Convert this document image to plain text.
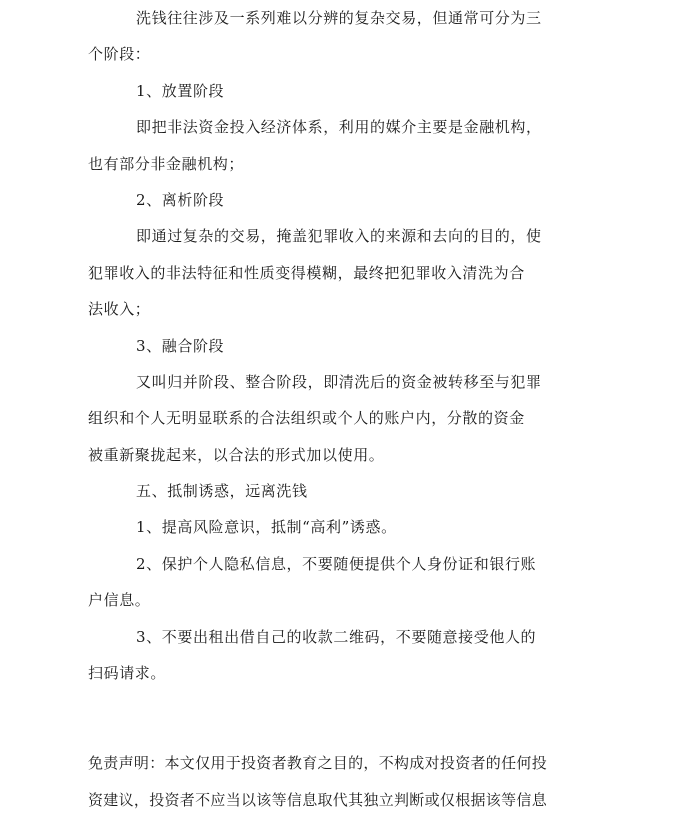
洗钱往往涉及一系列难以分辨的复杂交易，但通常可分为三
个阶段：
1、放置阶段
即把非法资金投入经济体系，利用的媒介主要是金融机构，
也有部分非金融机构；
2、离析阶段
即通过复杂的交易，掩盖犯罪收入的来源和去向的目的，使
犯罪收入的非法特征和性质变得模糊，最终把犯罪收入清洗为合
法收入；
3、融合阶段
又叫归并阶段、整合阶段，即清洗后的资金被转移至与犯罪
组织和个人无明显联系的合法组织或个人的账户内，分散的资金
被重新聚拢起来，以合法的形式加以使用。
五、抵制诱惑，远离洗钱
1、提高风险意识，抵制“高利”诱惑。
2、保护个人隐私信息，不要随便提供个人身份证和银行账
户信息。
3、不要出租出借自己的收款二维码，不要随意接受他人的
扫码请求。
免责声明：本文仅用于投资者教育之目的，不构成对投资者的任何投
资建议，投资者不应当以该等信息取代其独立判断或仅根据该等信息
